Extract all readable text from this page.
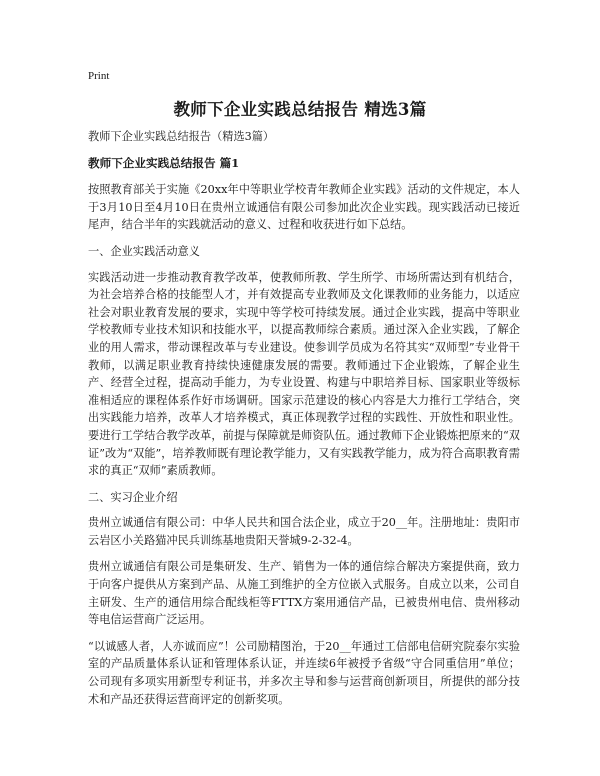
Print
教师下企业实践总结报告 精选3篇

教师下企业实践总结报告（精选3篇）

教师下企业实践总结报告 篇1

按照教育部关于实施《20xx年中等职业学校青年教师企业实践》活动的文件规定，本人于3月10日至4月10日在贵州立诚通信有限公司参加此次企业实践。现实践活动已接近尾声，结合半年的实践就活动的意义、过程和收获进行如下总结。

一、企业实践活动意义

实践活动进一步推动教育教学改革，使教师所教、学生所学、市场所需达到有机结合，为社会培养合格的技能型人才，并有效提高专业教师及文化课教师的业务能力，以适应社会对职业教育发展的要求，实现中等学校可持续发展。通过企业实践，提高中等职业学校教师专业技术知识和技能水平，以提高教师综合素质。通过深入企业实践，了解企业的用人需求，带动课程改革与专业建设。使参训学员成为名符其实“双师型”专业骨干教师，以满足职业教育持续快速健康发展的需要。教师通过下企业锻炼，了解企业生产、经营全过程，提高动手能力，为专业设置、构建与中职培养目标、国家职业等级标准相适应的课程体系作好市场调研。国家示范建设的核心内容是大力推行工学结合，突出实践能力培养，改革人才培养模式，真正体现教学过程的实践性、开放性和职业性。要进行工学结合教学改革，前提与保障就是师资队伍。通过教师下企业锻炼把原来的“双证”改为“双能”，培养教师既有理论教学能力，又有实践教学能力，成为符合高职教育需求的真正“双师”素质教师。

二、实习企业介绍

贵州立诚通信有限公司：中华人民共和国合法企业，成立于20__年。注册地址：贵阳市云岩区小关路猫冲民兵训练基地贵阳天誉城9-2-32-4。

贵州立诚通信有限公司是集研发、生产、销售为一体的通信综合解决方案提供商，致力于向客户提供从方案到产品、从施工到维护的全方位嵌入式服务。自成立以来，公司自主研发、生产的通信用综合配线柜等FTTX方案用通信产品，已被贵州电信、贵州移动等电信运营商广泛运用。

“以诚感人者，人亦诚而应”！公司励精图治，于20__年通过工信部电信研究院泰尔实验室的产品质量体系认证和管理体系认证，并连续6年被授予省级“守合同重信用”单位；公司现有多项实用新型专利证书，并多次主导和参与运营商创新项目，所提供的部分技术和产品还获得运营商评定的创新奖项。
